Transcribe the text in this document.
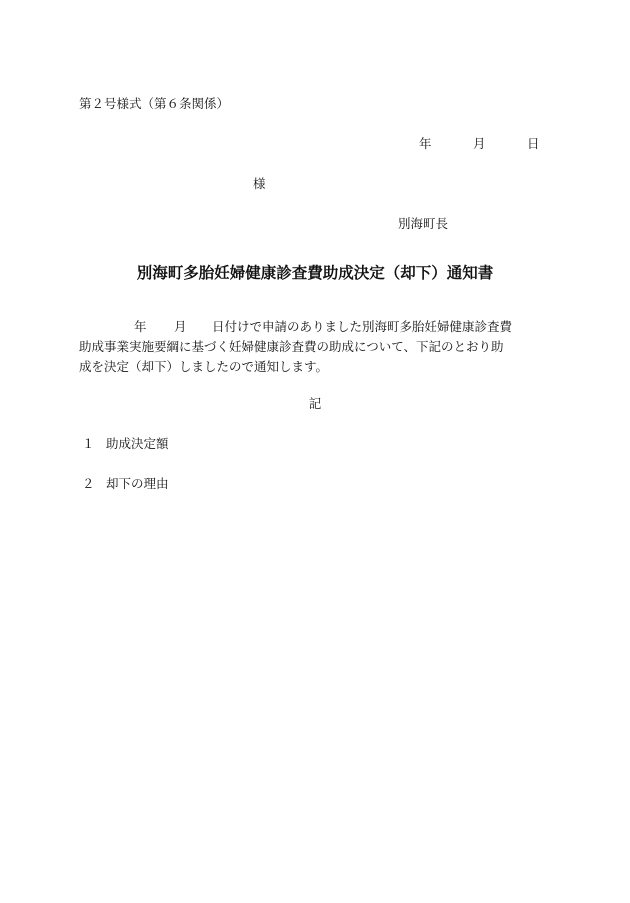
第２号様式（第６条関係）
年	月	日
様
別海町長
別海町多胎妊婦健康診査費助成決定（却下）通知書
年 月 日付けで申請のありました別海町多胎妊婦健康診査費
助成事業実施要綱に基づく妊婦健康診査費の助成について、下記のとおり助
成を決定（却下）しましたので通知します。
記
１ 助成決定額
２ 却下の理由
